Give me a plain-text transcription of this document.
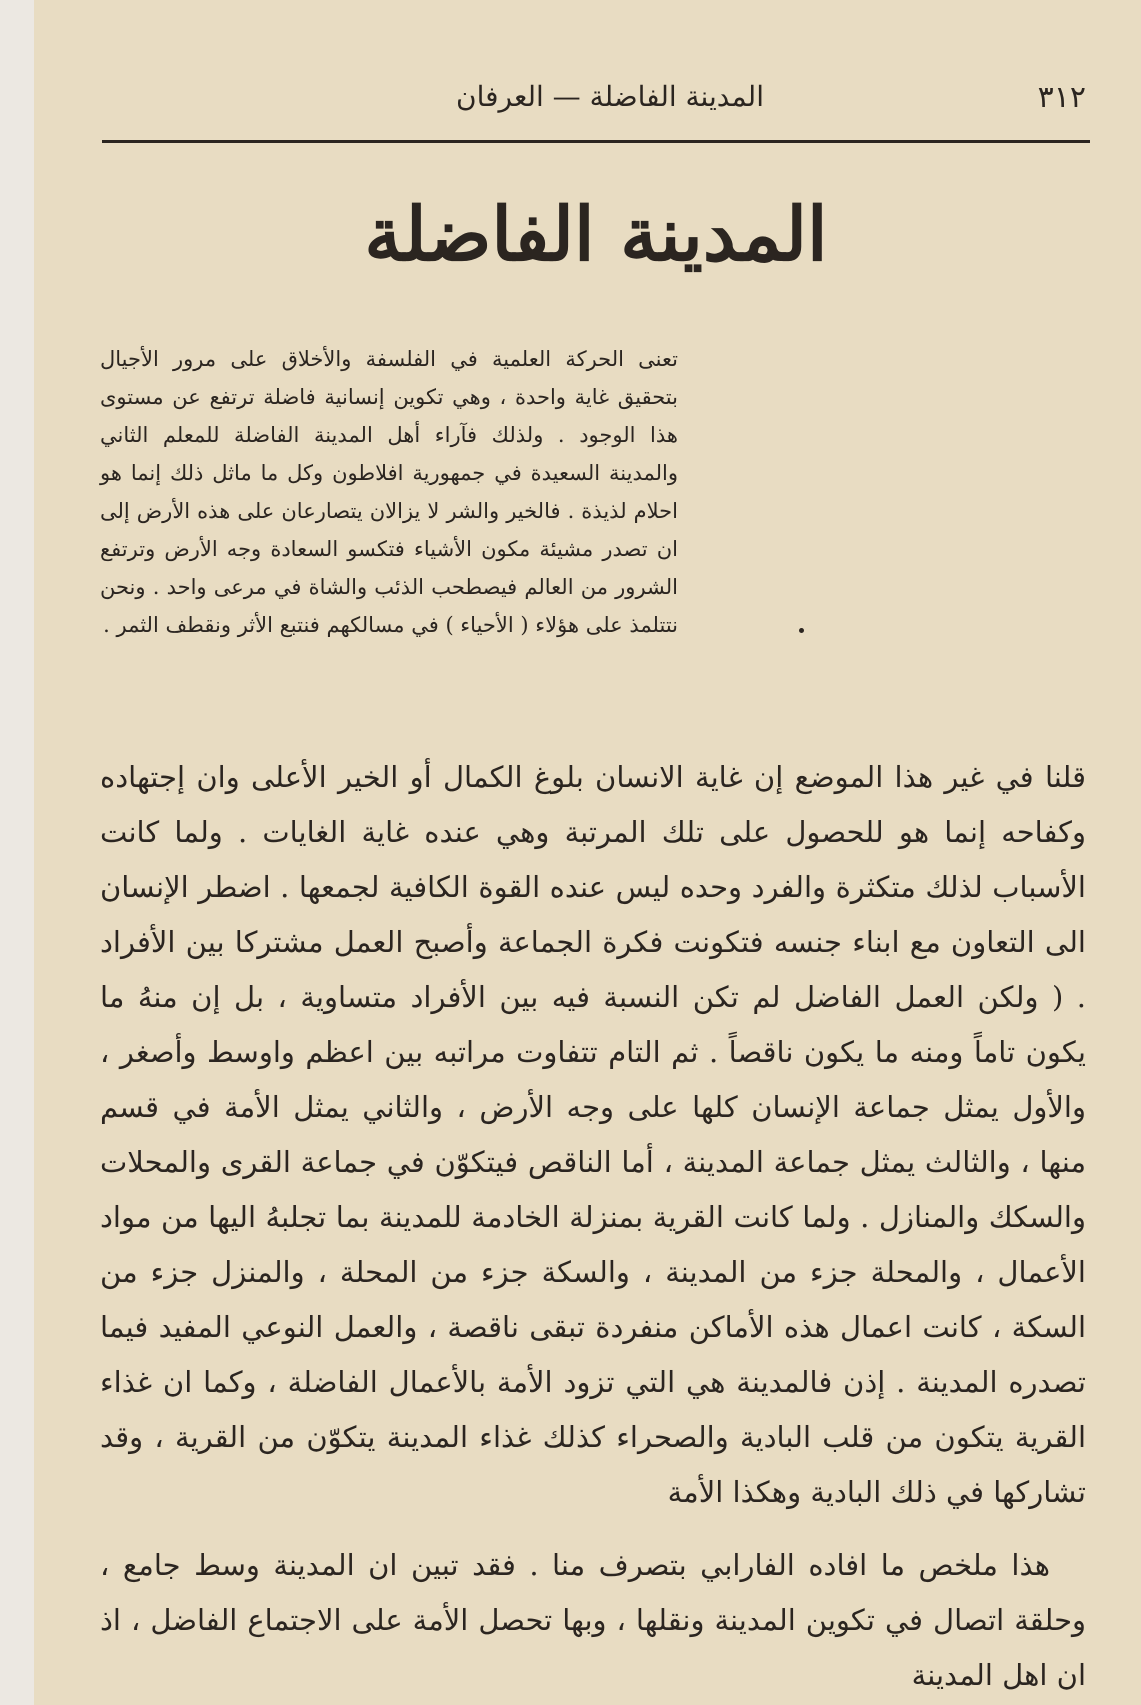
٣١٢
المدينة الفاضلة — العرفان
المدينة الفاضلة
تعنى الحركة العلمية في الفلسفة والأخلاق على مرور الأجيال بتحقيق غاية واحدة ، وهي تكوين إنسانية فاضلة ترتفع عن مستوى هذا الوجود . ولذلك فآراء أهل المدينة الفاضلة للمعلم الثاني والمدينة السعيدة في جمهورية افلاطون وكل ما ماثل ذلك إنما هو احلام لذيذة . فالخير والشر لا يزالان يتصارعان على هذه الأرض إلى ان تصدر مشيئة مكون الأشياء فتكسو السعادة وجه الأرض وترتفع الشرور من العالم فيصطحب الذئب والشاة في مرعى واحد . ونحن نتتلمذ على هؤلاء ( الأحياء ) في مسالكهم فنتبع الأثر ونقطف الثمر .

قلنا في غير هذا الموضع إن غاية الانسان بلوغ الكمال أو الخير الأعلى وان إجتهاده وكفاحه إنما هو للحصول على تلك المرتبة وهي عنده غاية الغايات . ولما كانت الأسباب لذلك متكثرة والفرد وحده ليس عنده القوة الكافية لجمعها . اضطر الإنسان الى التعاون مع ابناء جنسه فتكونت فكرة الجماعة وأصبح العمل مشتركا بين الأفراد . ( ولكن العمل الفاضل لم تكن النسبة فيه بين الأفراد متساوية ، بل إن منهُ ما يكون تاماً ومنه ما يكون ناقصاً . ثم التام تتفاوت مراتبه بين اعظم واوسط وأصغر ، والأول يمثل جماعة الإنسان كلها على وجه الأرض ، والثاني يمثل الأمة في قسم منها ، والثالث يمثل جماعة المدينة ، أما الناقص فيتكوّن في جماعة القرى والمحلات والسكك والمنازل . ولما كانت القرية بمنزلة الخادمة للمدينة بما تجلبهُ اليها من مواد الأعمال ، والمحلة جزء من المدينة ، والسكة جزء من المحلة ، والمنزل جزء من السكة ، كانت اعمال هذه الأماكن منفردة تبقى ناقصة ، والعمل النوعي المفيد فيما تصدره المدينة . إذن فالمدينة هي التي تزود الأمة بالأعمال الفاضلة ، وكما ان غذاء القرية يتكون من قلب البادية والصحراء كذلك غذاء المدينة يتكوّن من القرية ، وقد تشاركها في ذلك البادية وهكذا الأمة

هذا ملخص ما افاده الفارابي بتصرف منا . فقد تبين ان المدينة وسط جامع ، وحلقة اتصال في تكوين المدينة ونقلها ، وبها تحصل الأمة على الاجتماع الفاضل ، اذ ان اهل المدينة
